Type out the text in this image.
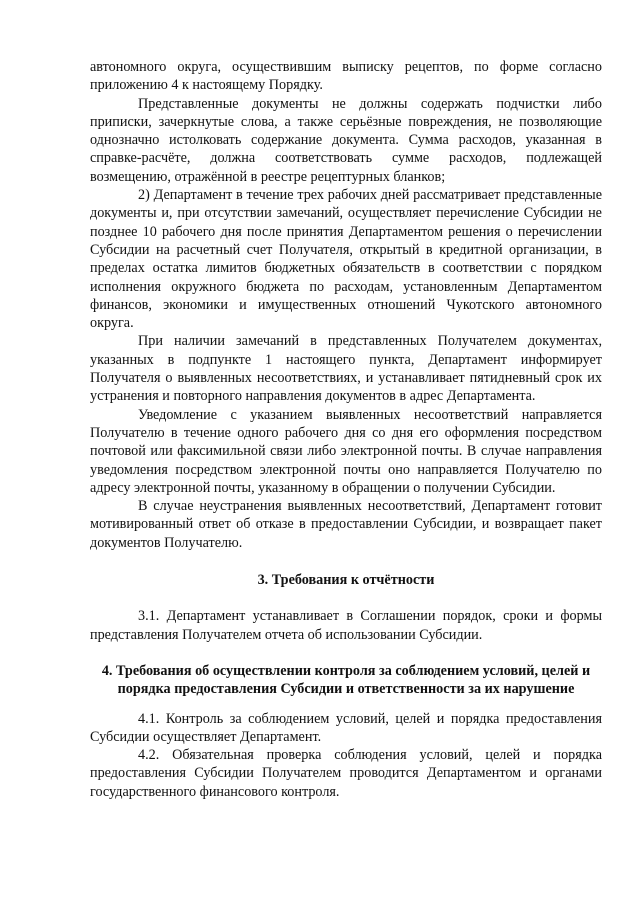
автономного округа, осуществившим выписку рецептов, по форме согласно приложению 4 к настоящему Порядку.

Представленные документы не должны содержать подчистки либо приписки, зачеркнутые слова, а также серьёзные повреждения, не позволяющие однозначно истолковать содержание документа. Сумма расходов, указанная в справке-расчёте, должна соответствовать сумме расходов, подлежащей возмещению, отражённой в реестре рецептурных бланков;

2) Департамент в течение трех рабочих дней рассматривает представленные документы и, при отсутствии замечаний, осуществляет перечисление Субсидии не позднее 10 рабочего дня после принятия Департаментом решения о перечислении Субсидии на расчетный счет Получателя, открытый в кредитной организации, в пределах остатка лимитов бюджетных обязательств в соответствии с порядком исполнения окружного бюджета по расходам, установленным Департаментом финансов, экономики и имущественных отношений Чукотского автономного округа.

При наличии замечаний в представленных Получателем документах, указанных в подпункте 1 настоящего пункта, Департамент информирует Получателя о выявленных несоответствиях, и устанавливает пятидневный срок их устранения и повторного направления документов в адрес Департамента.

Уведомление с указанием выявленных несоответствий направляется Получателю в течение одного рабочего дня со дня его оформления посредством почтовой или факсимильной связи либо электронной почты. В случае направления уведомления посредством электронной почты оно направляется Получателю по адресу электронной почты, указанному в обращении о получении Субсидии.

В случае неустранения выявленных несоответствий, Департамент готовит мотивированный ответ об отказе в предоставлении Субсидии, и возвращает пакет документов Получателю.

3. Требования к отчётности

3.1. Департамент устанавливает в Соглашении порядок, сроки и формы представления Получателем отчета об использовании Субсидии.

4. Требования об осуществлении контроля за соблюдением условий, целей и порядка предоставления Субсидии и ответственности за их нарушение

4.1. Контроль за соблюдением условий, целей и порядка предоставления Субсидии осуществляет Департамент.

4.2. Обязательная проверка соблюдения условий, целей и порядка предоставления Субсидии Получателем проводится Департаментом и органами государственного финансового контроля.
